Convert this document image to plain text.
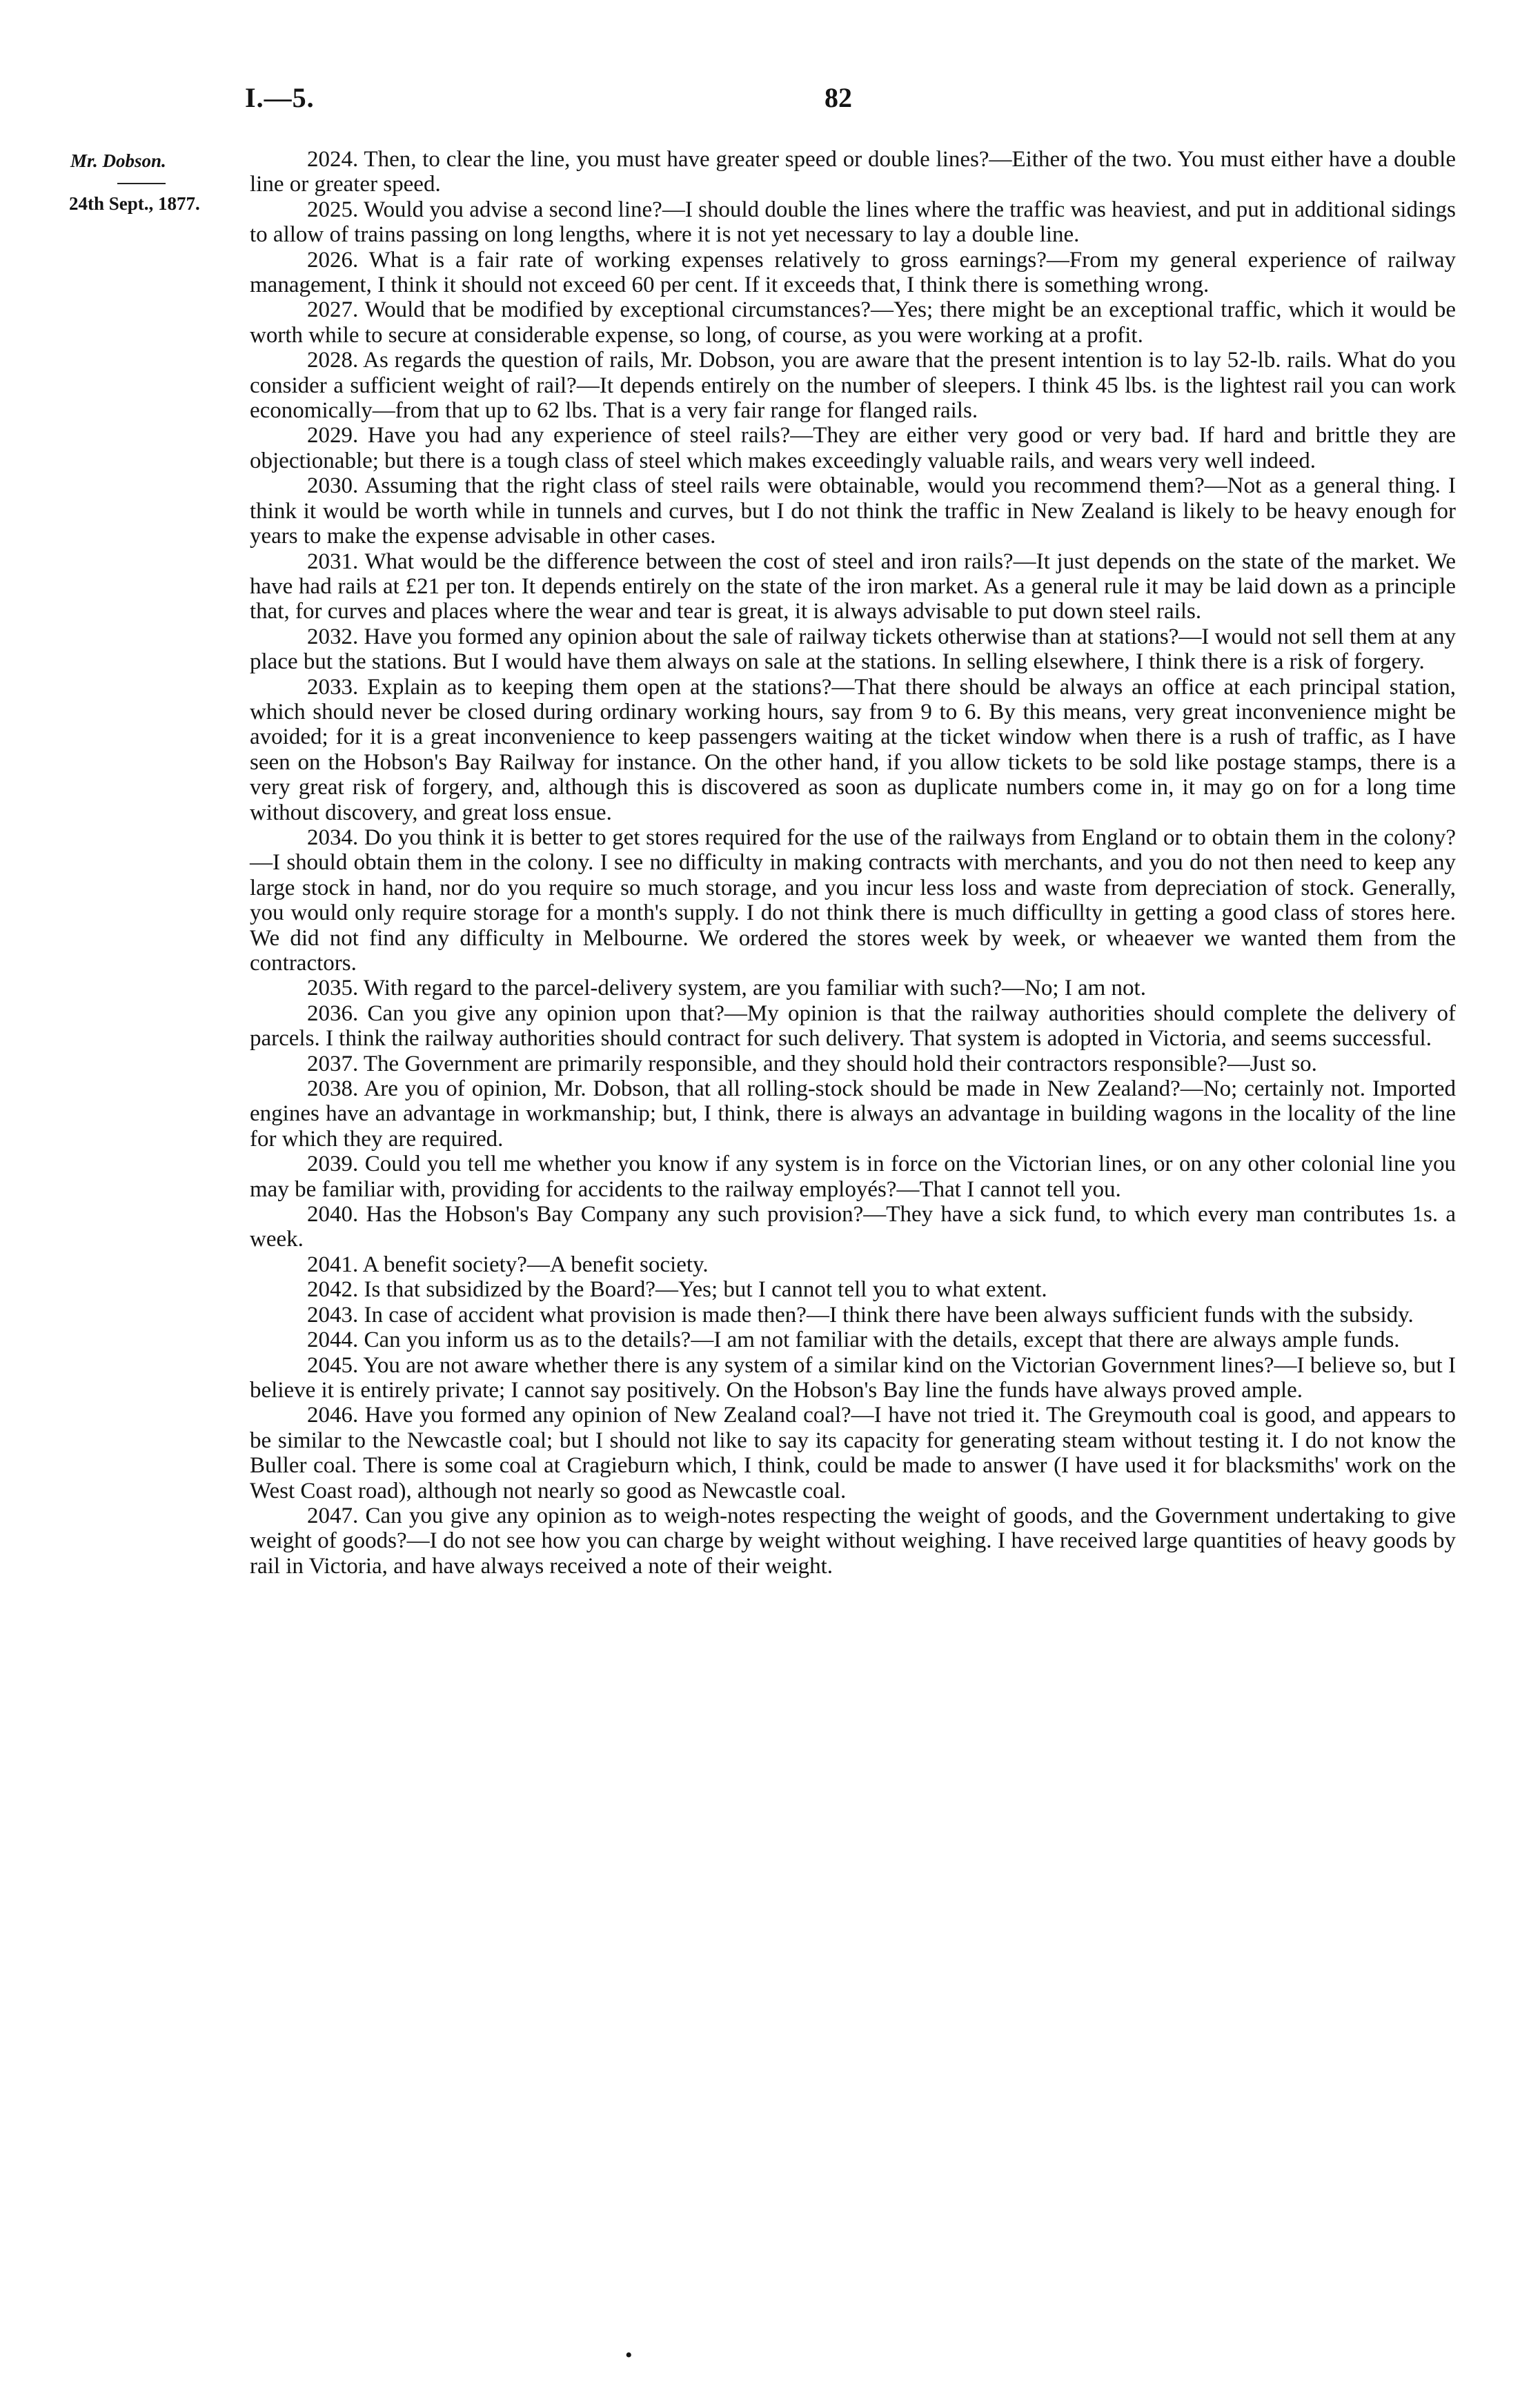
I.—5.	82
Mr. Dobson.
24th Sept., 1877.

2024. Then, to clear the line, you must have greater speed or double lines?—Either of the two. You must either have a double line or greater speed.

2025. Would you advise a second line?—I should double the lines where the traffic was heaviest, and put in additional sidings to allow of trains passing on long lengths, where it is not yet necessary to lay a double line.

2026. What is a fair rate of working expenses relatively to gross earnings?—From my general experience of railway management, I think it should not exceed 60 per cent. If it exceeds that, I think there is something wrong.

2027. Would that be modified by exceptional circumstances?—Yes; there might be an exceptional traffic, which it would be worth while to secure at considerable expense, so long, of course, as you were working at a profit.

2028. As regards the question of rails, Mr. Dobson, you are aware that the present intention is to lay 52-lb. rails. What do you consider a sufficient weight of rail?—It depends entirely on the number of sleepers. I think 45 lbs. is the lightest rail you can work economically—from that up to 62 lbs. That is a very fair range for flanged rails.

2029. Have you had any experience of steel rails?—They are either very good or very bad. If hard and brittle they are objectionable; but there is a tough class of steel which makes exceedingly valuable rails, and wears very well indeed.

2030. Assuming that the right class of steel rails were obtainable, would you recommend them?—Not as a general thing. I think it would be worth while in tunnels and curves, but I do not think the traffic in New Zealand is likely to be heavy enough for years to make the expense advisable in other cases.

2031. What would be the difference between the cost of steel and iron rails?—It just depends on the state of the market. We have had rails at £21 per ton. It depends entirely on the state of the iron market. As a general rule it may be laid down as a principle that, for curves and places where the wear and tear is great, it is always advisable to put down steel rails.

2032. Have you formed any opinion about the sale of railway tickets otherwise than at stations?—I would not sell them at any place but the stations. But I would have them always on sale at the stations. In selling elsewhere, I think there is a risk of forgery.

2033. Explain as to keeping them open at the stations?—That there should be always an office at each principal station, which should never be closed during ordinary working hours, say from 9 to 6. By this means, very great inconvenience might be avoided; for it is a great inconvenience to keep passengers waiting at the ticket window when there is a rush of traffic, as I have seen on the Hobson's Bay Railway for instance. On the other hand, if you allow tickets to be sold like postage stamps, there is a very great risk of forgery, and, although this is discovered as soon as duplicate numbers come in, it may go on for a long time without discovery, and great loss ensue.

2034. Do you think it is better to get stores required for the use of the railways from England or to obtain them in the colony?—I should obtain them in the colony. I see no difficulty in making contracts with merchants, and you do not then need to keep any large stock in hand, nor do you require so much storage, and you incur less loss and waste from depreciation of stock. Generally, you would only require storage for a month's supply. I do not think there is much difficullty in getting a good class of stores here. We did not find any difficulty in Melbourne. We ordered the stores week by week, or wheaever we wanted them from the contractors.

2035. With regard to the parcel-delivery system, are you familiar with such?—No; I am not.

2036. Can you give any opinion upon that?—My opinion is that the railway authorities should complete the delivery of parcels. I think the railway authorities should contract for such delivery. That system is adopted in Victoria, and seems successful.

2037. The Government are primarily responsible, and they should hold their contractors responsible?—Just so.

2038. Are you of opinion, Mr. Dobson, that all rolling-stock should be made in New Zealand?—No; certainly not. Imported engines have an advantage in workmanship; but, I think, there is always an advantage in building wagons in the locality of the line for which they are required.

2039. Could you tell me whether you know if any system is in force on the Victorian lines, or on any other colonial line you may be familiar with, providing for accidents to the railway employés?—That I cannot tell you.

2040. Has the Hobson's Bay Company any such provision?—They have a sick fund, to which every man contributes 1s. a week.

2041. A benefit society?—A benefit society.

2042. Is that subsidized by the Board?—Yes; but I cannot tell you to what extent.

2043. In case of accident what provision is made then?—I think there have been always sufficient funds with the subsidy.

2044. Can you inform us as to the details?—I am not familiar with the details, except that there are always ample funds.

2045. You are not aware whether there is any system of a similar kind on the Victorian Government lines?—I believe so, but I believe it is entirely private; I cannot say positively. On the Hobson's Bay line the funds have always proved ample.

2046. Have you formed any opinion of New Zealand coal?—I have not tried it. The Greymouth coal is good, and appears to be similar to the Newcastle coal; but I should not like to say its capacity for generating steam without testing it. I do not know the Buller coal. There is some coal at Cragieburn which, I think, could be made to answer (I have used it for blacksmiths' work on the West Coast road), although not nearly so good as Newcastle coal.

2047. Can you give any opinion as to weigh-notes respecting the weight of goods, and the Government undertaking to give weight of goods?—I do not see how you can charge by weight without weighing. I have received large quantities of heavy goods by rail in Victoria, and have always received a note of their weight.

•
